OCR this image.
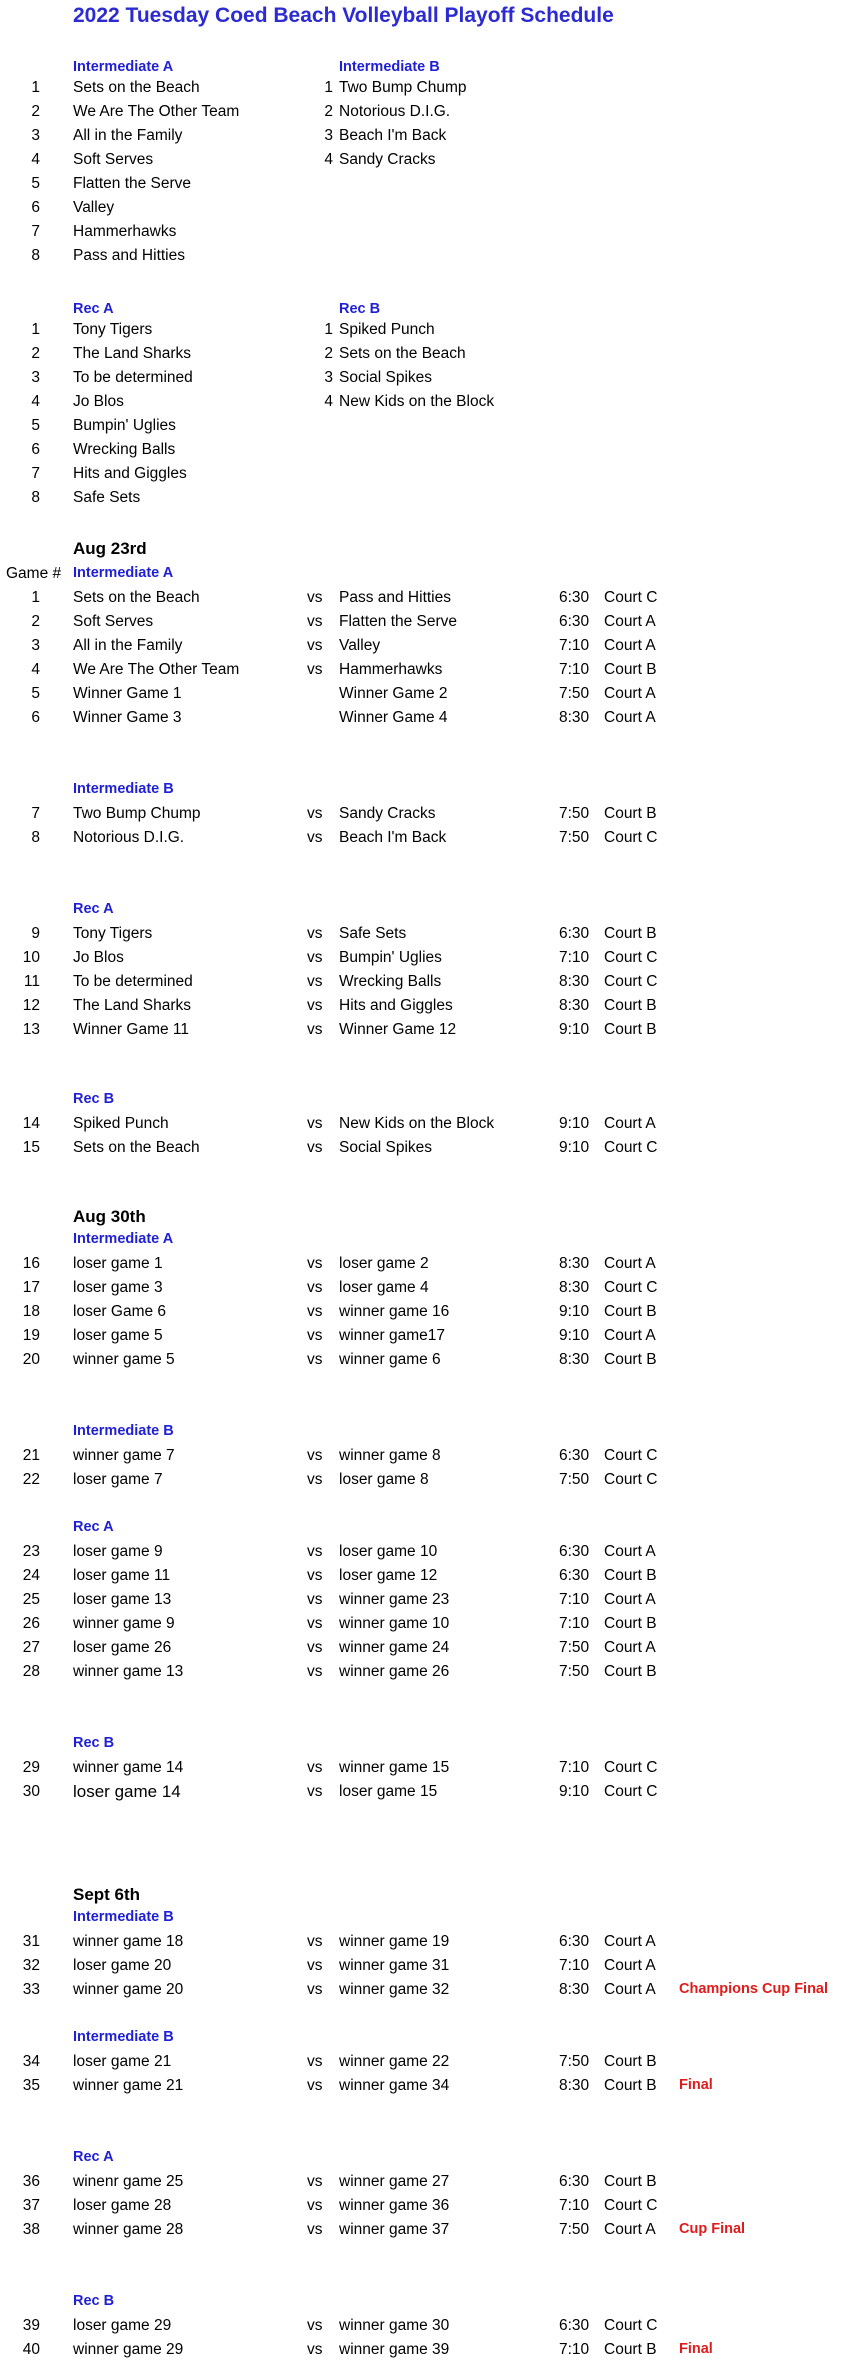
2022 Tuesday Coed Beach Volleyball Playoff Schedule
Intermediate A
1 Sets on the Beach
2 We Are The Other Team
3 All in the Family
4 Soft Serves
5 Flatten the Serve
6 Valley
7 Hammerhawks
8 Pass and Hitties
Intermediate B
1 Two Bump Chump
2 Notorious D.I.G.
3 Beach I'm Back
4 Sandy Cracks
Rec A
1 Tony Tigers
2 The Land Sharks
3 To be determined
4 Jo Blos
5 Bumpin' Uglies
6 Wrecking Balls
7 Hits and Giggles
8 Safe Sets
Rec B
1 Spiked Punch
2 Sets on the Beach
3 Social Spikes
4 New Kids on the Block
Aug 23rd
Aug 30th
Sept 6th
Game # Intermediate A
1 Sets on the Beach	vs Pass and Hitties	6:30 Court C
2 Soft Serves	vs Flatten the Serve	6:30 Court A
3 All in the Family	vs Valley	7:10 Court A
4 We Are The Other Team	vs Hammerhawks	7:10 Court B
5 Winner Game 1	Winner Game 2	7:50 Court A
6 Winner Game 3	Winner Game 4	8:30 Court A
Intermediate B
7 Two Bump Chump	vs Sandy Cracks	7:50 Court B
8 Notorious D.I.G.	vs Beach I'm Back	7:50 Court C
Rec A
9 Tony Tigers	vs Safe Sets	6:30 Court B
10 Jo Blos	vs Bumpin' Uglies	7:10 Court C
11 To be determined	vs Wrecking Balls	8:30 Court C
12 The Land Sharks	vs Hits and Giggles	8:30 Court B
13 Winner Game 11	vs Winner Game 12	9:10 Court B
Rec B
14 Spiked Punch	vs New Kids on the Block	9:10 Court A
15 Sets on the Beach	vs Social Spikes	9:10 Court C
Intermediate A
16 loser game 1	vs loser game 2	8:30 Court A
17 loser game 3	vs loser game 4	8:30 Court C
18 loser Game 6	vs winner game 16	9:10 Court B
19 loser game 5	vs winner game17	9:10 Court A
20 winner game 5	vs winner game 6	8:30 Court B
Intermediate B
21 winner game 7	vs winner game 8	6:30 Court C
22 loser game 7	vs loser game 8	7:50 Court C
Rec A
23 loser game 9	vs loser game 10	6:30 Court A
24 loser game 11	vs loser game 12	6:30 Court B
25 loser game 13	vs winner game 23	7:10 Court A
26 winner game 9	vs winner game 10	7:10 Court B
27 loser game 26	vs winner game 24	7:50 Court A
28 winner game 13	vs winner game 26	7:50 Court B
Rec B
29 winner game 14	vs winner game 15	7:10 Court C
30 loser game 14	vs loser game 15	9:10 Court C
Intermediate B
31 winner game 18	vs winner game 19	6:30 Court A
32 loser game 20	vs winner game 31	7:10 Court A
33 winner game 20	vs winner game 32	8:30 Court A Champions Cup Final
Intermediate B
34 loser game 21	vs winner game 22	7:50 Court B
35 winner game 21	vs winner game 34	8:30 Court B Final
Rec A
36 winenr game 25	vs winner game 27	6:30 Court B
37 loser game 28	vs winner game 36	7:10 Court C
38 winner game 28	vs winner game 37	7:50 Court A Cup Final
Rec B
39 loser game 29	vs winner game 30	6:30 Court C
40 winner game 29	vs winner game 39	7:10 Court B Final
